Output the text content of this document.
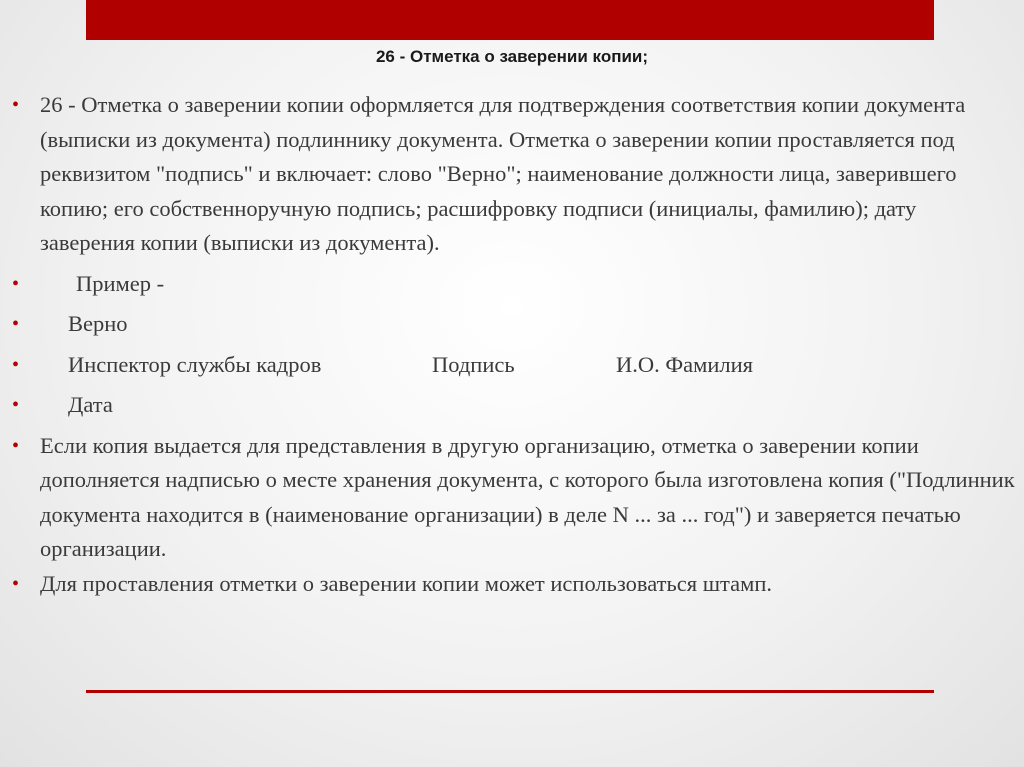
26 - Отметка о заверении копии;
• 26 - Отметка о заверении копии оформляется для подтверждения соответствия копии документа (выписки из документа) подлиннику документа. Отметка о заверении копии проставляется под реквизитом "подпись" и включает: слово "Верно"; наименование должности лица, заверившего копию; его собственноручную подпись; расшифровку подписи (инициалы, фамилию); дату заверения копии (выписки из документа).
•	Пример -
• Верно
• Инспектор службы кадров	Подпись	И.О. Фамилия
• Дата
• Если копия выдается для представления в другую организацию, отметка о заверении копии дополняется надписью о месте хранения документа, с которого была изготовлена копия ("Подлинник документа находится в (наименование организации) в деле N ... за ... год") и заверяется печатью организации.
• Для проставления отметки о заверении копии может использоваться штамп.
